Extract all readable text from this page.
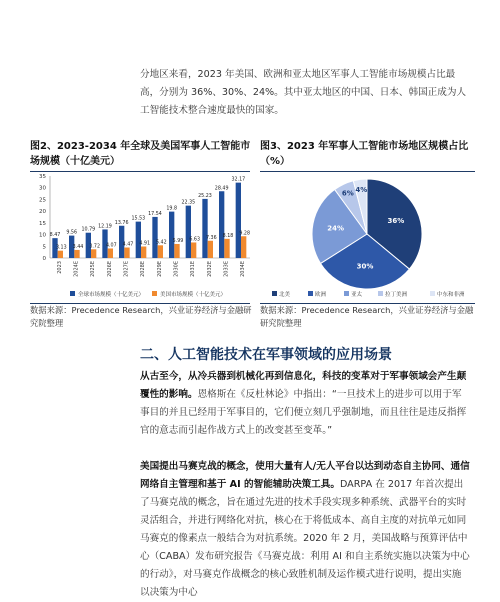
分地区来看，2023 年美国、欧洲和亚太地区军事人工智能市场规模占比最高，分别为 36%、30%、24%。其中亚太地区的中国、日本、韩国正成为人工智能技术整合速度最快的国家。
图2、2023-2034 年全球及美国军事人工智能市场规模（十亿美元）
0
5
10
15
20
25
30
35
8.47
3.13
2023
9.56
3.44
2024E
10.79
3.72
2025E
12.19
4.07
2026E
13.76
4.47
2027E
15.53
4.91
2028E
17.54
5.42
2029E
19.8
5.99
2030E
22.35
6.63
2031E
25.23
7.36
2032E
28.49
8.18
2033E
32.17
9.28
2034E
全球市场规模（十亿美元）	美国市场规模（十亿美元）
数据来源：Precedence Research，兴业证券经济与金融研究院整理
图3、2023 年军事人工智能市场地区规模占比（%）
36%
30%
24%
6% 4%
北美	欧洲	亚太	拉丁美洲	中东和非洲
数据来源：Precedence Research，兴业证券经济与金融研究院整理
二、人工智能技术在军事领域的应用场景
从古至今，从冷兵器到机械化再到信息化，科技的变革对于军事领域会产生颠覆性的影响。恩格斯在《反杜林论》中指出：“一旦技术上的进步可以用于军事目的并且已经用于军事目的，它们便立刻几乎强制地，而且往往是违反指挥官的意志而引起作战方式上的改变甚至变革。”
美国提出马赛克战的概念，使用大量有人/无人平台以达到动态自主协同、通信网络自主管理和基于 AI 的智能辅助决策工具。DARPA 在 2017 年首次提出了马赛克战的概念，旨在通过先进的技术手段实现多种系统、武器平台的实时灵活组合，并进行网络化对抗，核心在于将低成本、高自主度的对抗单元如同马赛克的像素点一般结合为对抗系统。2020 年 2 月，美国战略与预算评估中心（CABA）发布研究报告《马赛克战：利用 AI 和自主系统实施以决策为中心的行动》，对马赛克作战概念的核心致胜机制及运作模式进行说明，提出实施以决策为中心
